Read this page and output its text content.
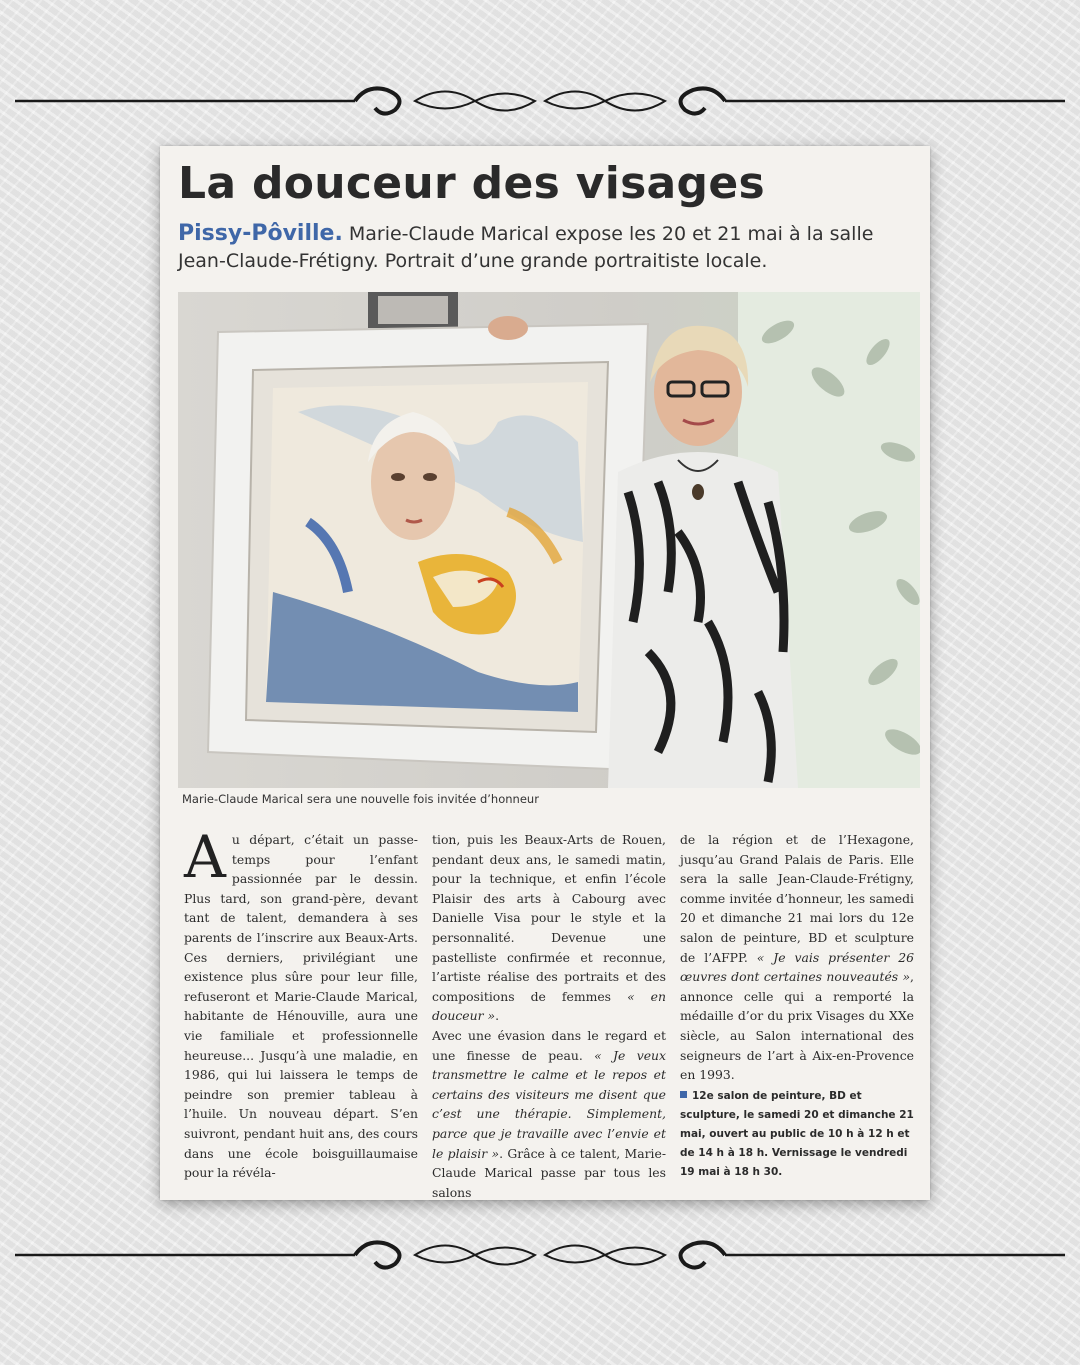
La douceur des visages

Pissy-Pôville. Marie-Claude Marical expose les 20 et 21 mai à la salle Jean-Claude-Frétigny. Portrait d’une grande portraitiste locale.

Marie-Claude Marical sera une nouvelle fois invitée d’honneur

A u départ, c’était un passe-temps pour l’enfant passionnée par le dessin. Plus tard, son grand-père, devant tant de talent, demandera à ses parents de l’inscrire aux Beaux-Arts. Ces derniers, privilégiant une existence plus sûre pour leur fille, refuseront et Marie-Claude Marical, habitante de Hénouville, aura une vie familiale et professionnelle heureuse... Jusqu’à une maladie, en 1986, qui lui laissera le temps de peindre son premier tableau à l’huile. Un nouveau départ. S’en suivront, pendant huit ans, des cours dans une école boisguillaumaise pour la révéla-

tion, puis les Beaux-Arts de Rouen, pendant deux ans, le samedi matin, pour la technique, et enfin l’école Plaisir des arts à Cabourg avec Danielle Visa pour le style et la personnalité. Devenue une pastelliste confirmée et reconnue, l’artiste réalise des portraits et des compositions de femmes « en douceur ».

Avec une évasion dans le regard et une finesse de peau. « Je veux transmettre le calme et le repos et certains des visiteurs me disent que c’est une thérapie. Simplement, parce que je travaille avec l’envie et le plaisir ». Grâce à ce talent, Marie-Claude Marical passe par tous les salons

de la région et de l’Hexagone, jusqu’au Grand Palais de Paris. Elle sera la salle Jean-Claude-Frétigny, comme invitée d’honneur, les samedi 20 et dimanche 21 mai lors du 12e salon de peinture, BD et sculpture de l’AFPP. « Je vais présenter 26 œuvres dont certaines nouveautés », annonce celle qui a remporté la médaille d’or du prix Visages du XXe siècle, au Salon international des seigneurs de l’art à Aix-en-Provence en 1993.

12e salon de peinture, BD et sculpture, le samedi 20 et dimanche 21 mai, ouvert au public de 10 h à 12 h et de 14 h à 18 h. Vernissage le vendredi 19 mai à 18 h 30.
